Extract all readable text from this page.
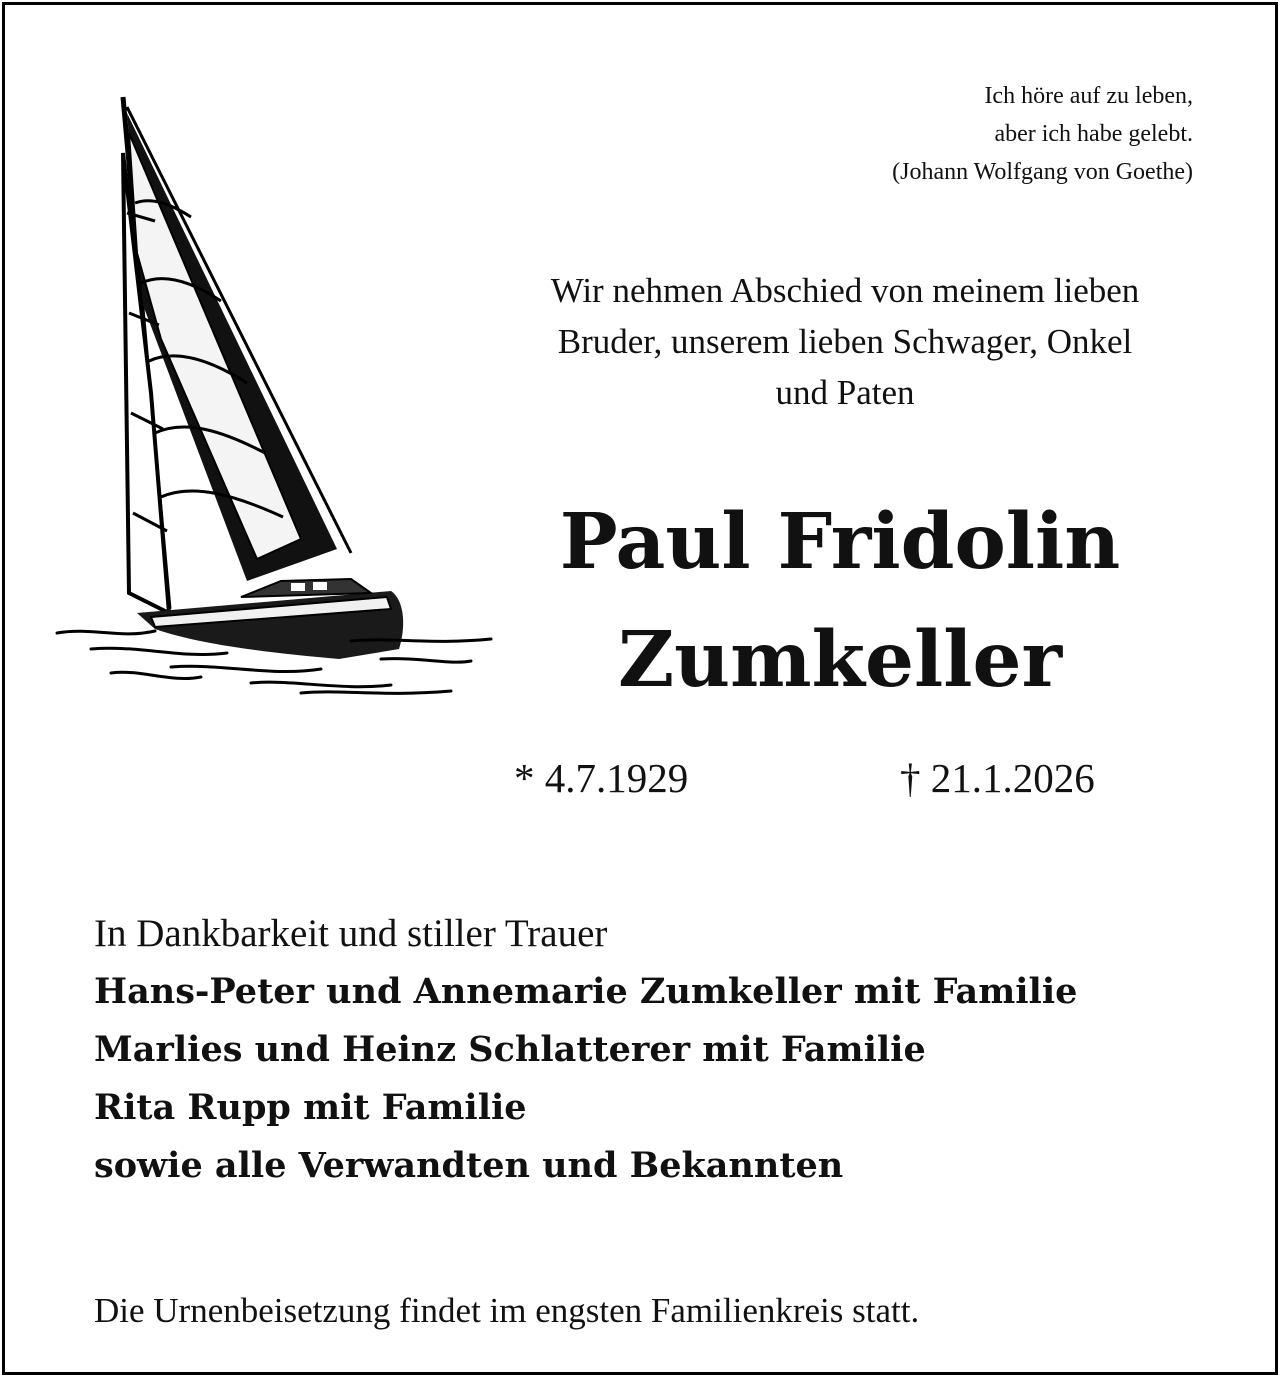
Ich höre auf zu leben,
aber ich habe gelebt.
(Johann Wolfgang von Goethe)
Wir nehmen Abschied von meinem lieben
Bruder, unserem lieben Schwager, Onkel
und Paten
Paul Fridolin
Zumkeller
* 4.7.1929	† 21.1.2026
In Dankbarkeit und stiller Trauer
Hans-Peter und Annemarie Zumkeller mit Familie
Marlies und Heinz Schlatterer mit Familie
Rita Rupp mit Familie
sowie alle Verwandten und Bekannten
Die Urnenbeisetzung findet im engsten Familienkreis statt.
